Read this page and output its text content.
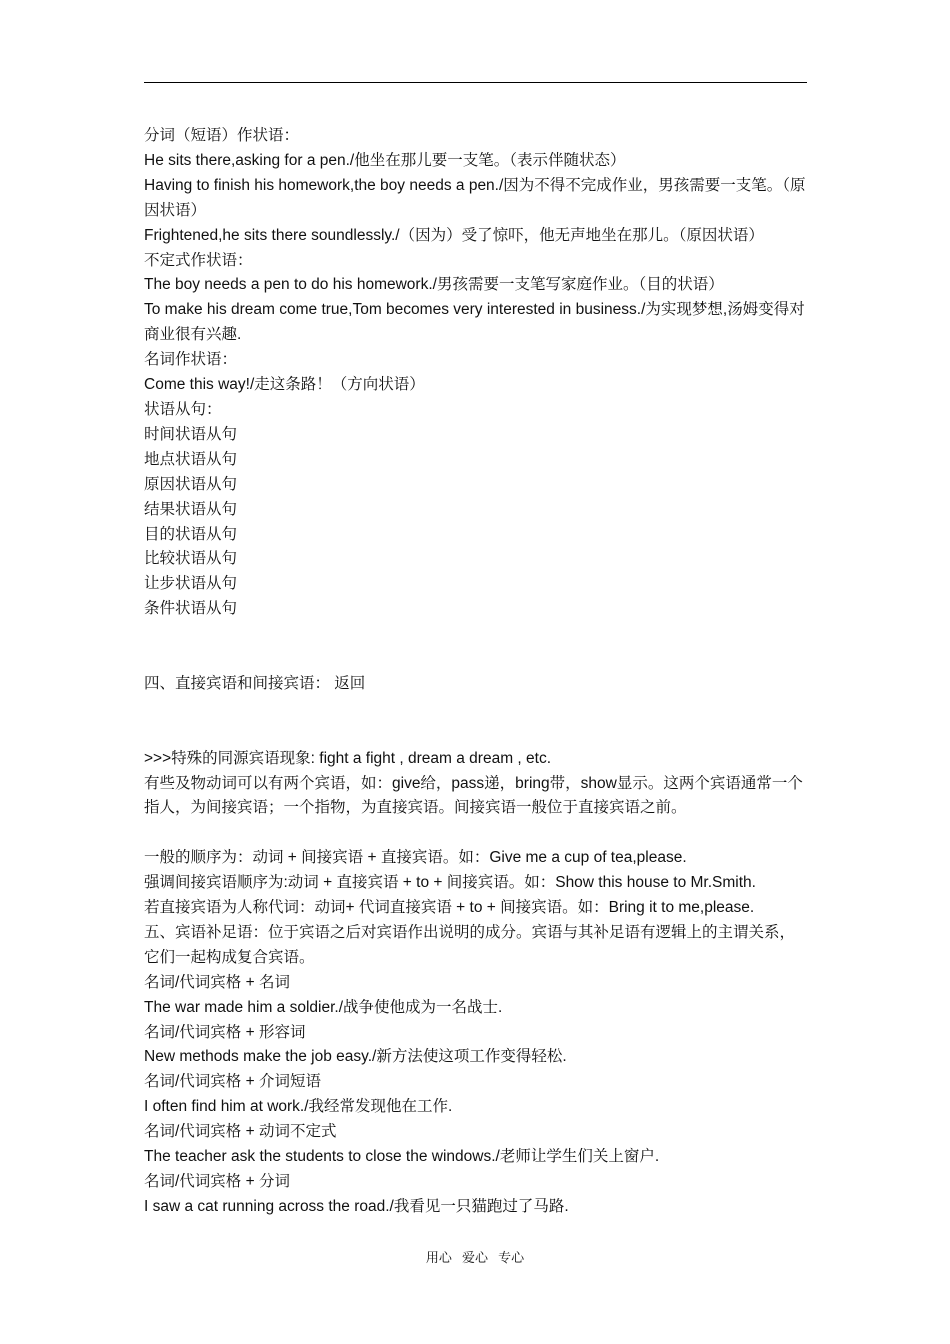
分词（短语）作状语：
He sits there,asking for a pen./他坐在那儿要一支笔。（表示伴随状态）
Having to finish his homework,the boy needs a pen./因为不得不完成作业，男孩需要一支笔。（原因状语）
Frightened,he sits there soundlessly./（因为）受了惊吓，他无声地坐在那儿。（原因状语）
不定式作状语：
The boy needs a pen to do his homework./男孩需要一支笔写家庭作业。（目的状语）
To make his dream come true,Tom becomes very interested in business./为实现梦想,汤姆变得对商业很有兴趣.
名词作状语：
Come this way!/走这条路！（方向状语）
状语从句：
时间状语从句
地点状语从句
原因状语从句
结果状语从句
目的状语从句
比较状语从句
让步状语从句
条件状语从句
四、直接宾语和间接宾语： 返回
>>>特殊的同源宾语现象: fight a fight , dream a dream , etc.
有些及物动词可以有两个宾语，如：give给，pass递，bring带，show显示。这两个宾语通常一个指人，为间接宾语；一个指物，为直接宾语。间接宾语一般位于直接宾语之前。
一般的顺序为：动词 + 间接宾语 + 直接宾语。如：Give me a cup of tea,please.
强调间接宾语顺序为:动词 + 直接宾语 + to + 间接宾语。如：Show this house to Mr.Smith.
若直接宾语为人称代词：动词+ 代词直接宾语 + to + 间接宾语。如：Bring it to me,please.
五、宾语补足语：位于宾语之后对宾语作出说明的成分。宾语与其补足语有逻辑上的主谓关系，它们一起构成复合宾语。
名词/代词宾格 + 名词
The war made him a soldier./战争使他成为一名战士.
名词/代词宾格 + 形容词
New methods make the job easy./新方法使这项工作变得轻松.
名词/代词宾格 + 介词短语
I often find him at work./我经常发现他在工作.
名词/代词宾格 + 动词不定式
The teacher ask the students to close the windows./老师让学生们关上窗户.
名词/代词宾格 + 分词
I saw a cat running across the road./我看见一只猫跑过了马路.
用心 爱心 专心
